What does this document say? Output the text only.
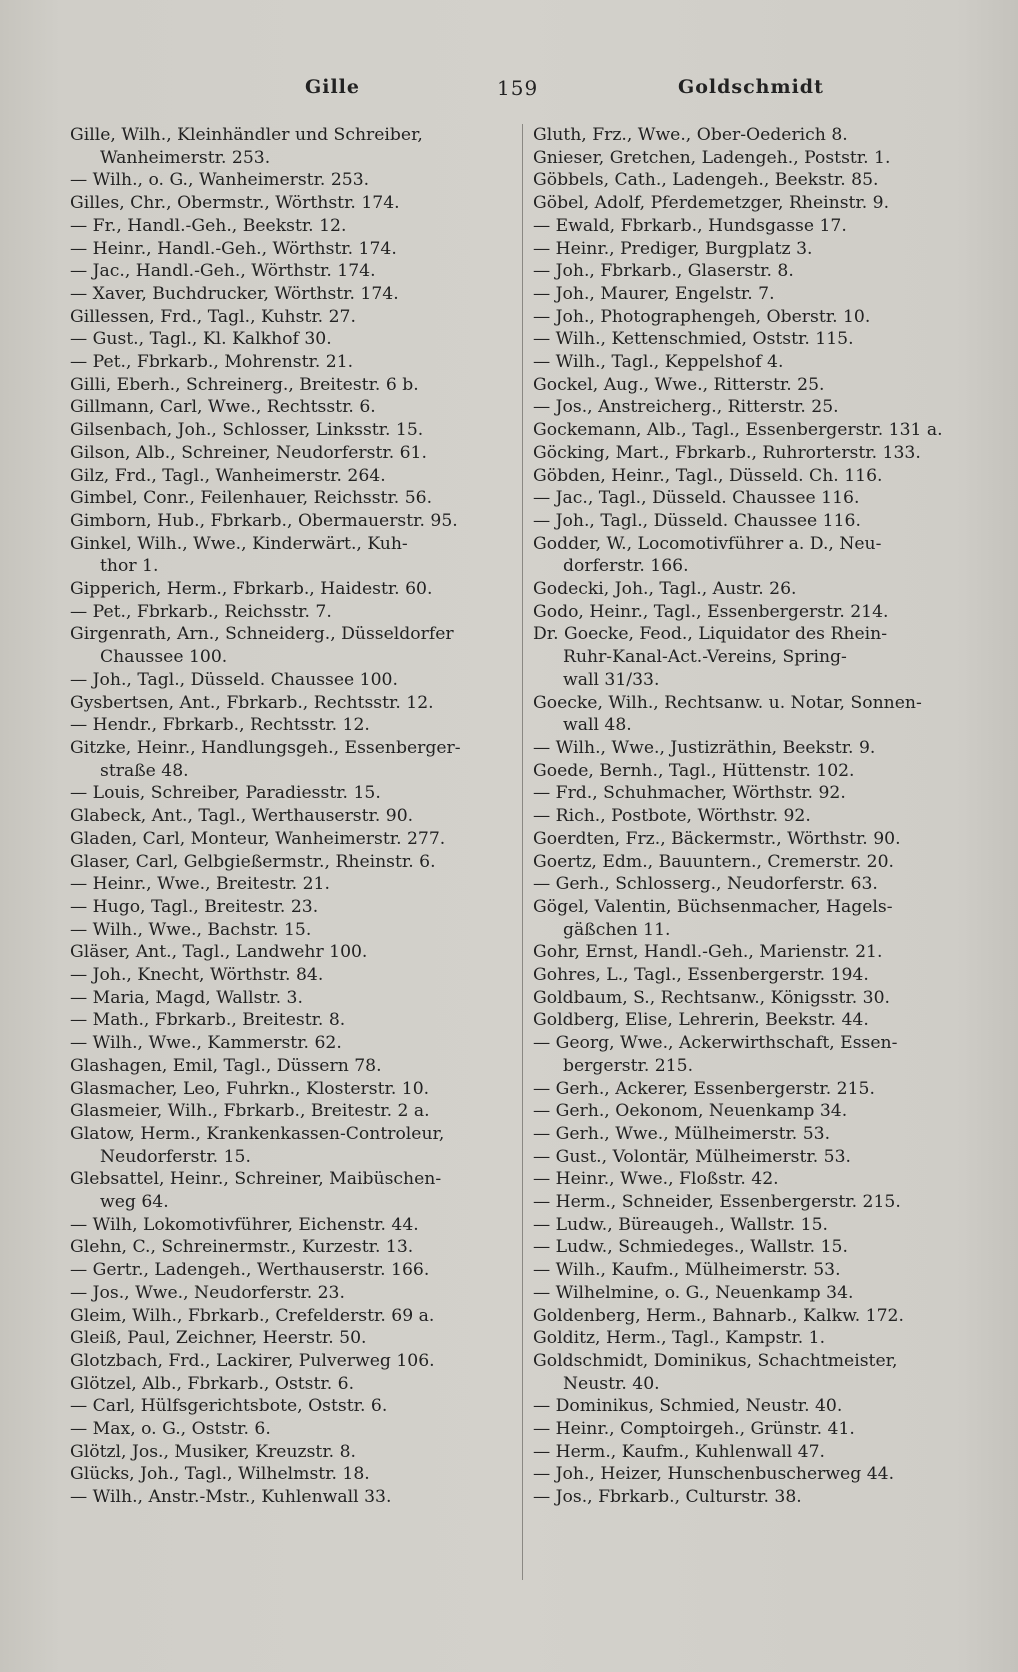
Gille	159	Goldschmidt
Gille, Wilh., Kleinhändler und Schreiber,
Wanheimerstr. 253.
— Wilh., o. G., Wanheimerstr. 253.
Gilles, Chr., Obermstr., Wörthstr. 174.
— Fr., Handl.-Geh., Beekstr. 12.
— Heinr., Handl.-Geh., Wörthstr. 174.
— Jac., Handl.-Geh., Wörthstr. 174.
— Xaver, Buchdrucker, Wörthstr. 174.
Gillessen, Frd., Tagl., Kuhstr. 27.
— Gust., Tagl., Kl. Kalkhof 30.
— Pet., Fbrkarb., Mohrenstr. 21.
Gilli, Eberh., Schreinerg., Breitestr. 6 b.
Gillmann, Carl, Wwe., Rechtsstr. 6.
Gilsenbach, Joh., Schlosser, Linksstr. 15.
Gilson, Alb., Schreiner, Neudorferstr. 61.
Gilz, Frd., Tagl., Wanheimerstr. 264.
Gimbel, Conr., Feilenhauer, Reichsstr. 56.
Gimborn, Hub., Fbrkarb., Obermauerstr. 95.
Ginkel, Wilh., Wwe., Kinderwärt., Kuh-
thor 1.
Gipperich, Herm., Fbrkarb., Haidestr. 60.
— Pet., Fbrkarb., Reichsstr. 7.
Girgenrath, Arn., Schneiderg., Düsseldorfer
Chaussee 100.
— Joh., Tagl., Düsseld. Chaussee 100.
Gysbertsen, Ant., Fbrkarb., Rechtsstr. 12.
— Hendr., Fbrkarb., Rechtsstr. 12.
Gitzke, Heinr., Handlungsgeh., Essenberger-
straße 48.
— Louis, Schreiber, Paradiesstr. 15.
Glabeck, Ant., Tagl., Werthauserstr. 90.
Gladen, Carl, Monteur, Wanheimerstr. 277.
Glaser, Carl, Gelbgießermstr., Rheinstr. 6.
— Heinr., Wwe., Breitestr. 21.
— Hugo, Tagl., Breitestr. 23.
— Wilh., Wwe., Bachstr. 15.
Gläser, Ant., Tagl., Landwehr 100.
— Joh., Knecht, Wörthstr. 84.
— Maria, Magd, Wallstr. 3.
— Math., Fbrkarb., Breitestr. 8.
— Wilh., Wwe., Kammerstr. 62.
Glashagen, Emil, Tagl., Düssern 78.
Glasmacher, Leo, Fuhrkn., Klosterstr. 10.
Glasmeier, Wilh., Fbrkarb., Breitestr. 2 a.
Glatow, Herm., Krankenkassen-Controleur,
Neudorferstr. 15.
Glebsattel, Heinr., Schreiner, Maibüschen-
weg 64.
— Wilh, Lokomotivführer, Eichenstr. 44.
Glehn, C., Schreinermstr., Kurzestr. 13.
— Gertr., Ladengeh., Werthauserstr. 166.
— Jos., Wwe., Neudorferstr. 23.
Gleim, Wilh., Fbrkarb., Crefelderstr. 69 a.
Gleiß, Paul, Zeichner, Heerstr. 50.
Glotzbach, Frd., Lackirer, Pulverweg 106.
Glötzel, Alb., Fbrkarb., Oststr. 6.
— Carl, Hülfsgerichtsbote, Oststr. 6.
— Max, o. G., Oststr. 6.
Glötzl, Jos., Musiker, Kreuzstr. 8.
Glücks, Joh., Tagl., Wilhelmstr. 18.
— Wilh., Anstr.-Mstr., Kuhlenwall 33.
Gluth, Frz., Wwe., Ober-Oederich 8.
Gnieser, Gretchen, Ladengeh., Poststr. 1.
Göbbels, Cath., Ladengeh., Beekstr. 85.
Göbel, Adolf, Pferdemetzger, Rheinstr. 9.
— Ewald, Fbrkarb., Hundsgasse 17.
— Heinr., Prediger, Burgplatz 3.
— Joh., Fbrkarb., Glaserstr. 8.
— Joh., Maurer, Engelstr. 7.
— Joh., Photographengeh, Oberstr. 10.
— Wilh., Kettenschmied, Oststr. 115.
— Wilh., Tagl., Keppelshof 4.
Gockel, Aug., Wwe., Ritterstr. 25.
— Jos., Anstreicherg., Ritterstr. 25.
Gockemann, Alb., Tagl., Essenbergerstr. 131 a.
Göcking, Mart., Fbrkarb., Ruhrorterstr. 133.
Göbden, Heinr., Tagl., Düsseld. Ch. 116.
— Jac., Tagl., Düsseld. Chaussee 116.
— Joh., Tagl., Düsseld. Chaussee 116.
Godder, W., Locomotivführer a. D., Neu-
dorferstr. 166.
Godecki, Joh., Tagl., Austr. 26.
Godo, Heinr., Tagl., Essenbergerstr. 214.
Dr. Goecke, Feod., Liquidator des Rhein-
Ruhr-Kanal-Act.-Vereins, Spring-
wall 31/33.
Goecke, Wilh., Rechtsanw. u. Notar, Sonnen-
wall 48.
— Wilh., Wwe., Justizräthin, Beekstr. 9.
Goede, Bernh., Tagl., Hüttenstr. 102.
— Frd., Schuhmacher, Wörthstr. 92.
— Rich., Postbote, Wörthstr. 92.
Goerdten, Frz., Bäckermstr., Wörthstr. 90.
Goertz, Edm., Bauuntern., Cremerstr. 20.
— Gerh., Schlosserg., Neudorferstr. 63.
Gögel, Valentin, Büchsenmacher, Hagels-
gäßchen 11.
Gohr, Ernst, Handl.-Geh., Marienstr. 21.
Gohres, L., Tagl., Essenbergerstr. 194.
Goldbaum, S., Rechtsanw., Königsstr. 30.
Goldberg, Elise, Lehrerin, Beekstr. 44.
— Georg, Wwe., Ackerwirthschaft, Essen-
bergerstr. 215.
— Gerh., Ackerer, Essenbergerstr. 215.
— Gerh., Oekonom, Neuenkamp 34.
— Gerh., Wwe., Mülheimerstr. 53.
— Gust., Volontär, Mülheimerstr. 53.
— Heinr., Wwe., Floßstr. 42.
— Herm., Schneider, Essenbergerstr. 215.
— Ludw., Büreaugeh., Wallstr. 15.
— Ludw., Schmiedeges., Wallstr. 15.
— Wilh., Kaufm., Mülheimerstr. 53.
— Wilhelmine, o. G., Neuenkamp 34.
Goldenberg, Herm., Bahnarb., Kalkw. 172.
Golditz, Herm., Tagl., Kampstr. 1.
Goldschmidt, Dominikus, Schachtmeister,
Neustr. 40.
— Dominikus, Schmied, Neustr. 40.
— Heinr., Comptoirgeh., Grünstr. 41.
— Herm., Kaufm., Kuhlenwall 47.
— Joh., Heizer, Hunschenbuscherweg 44.
— Jos., Fbrkarb., Culturstr. 38.
